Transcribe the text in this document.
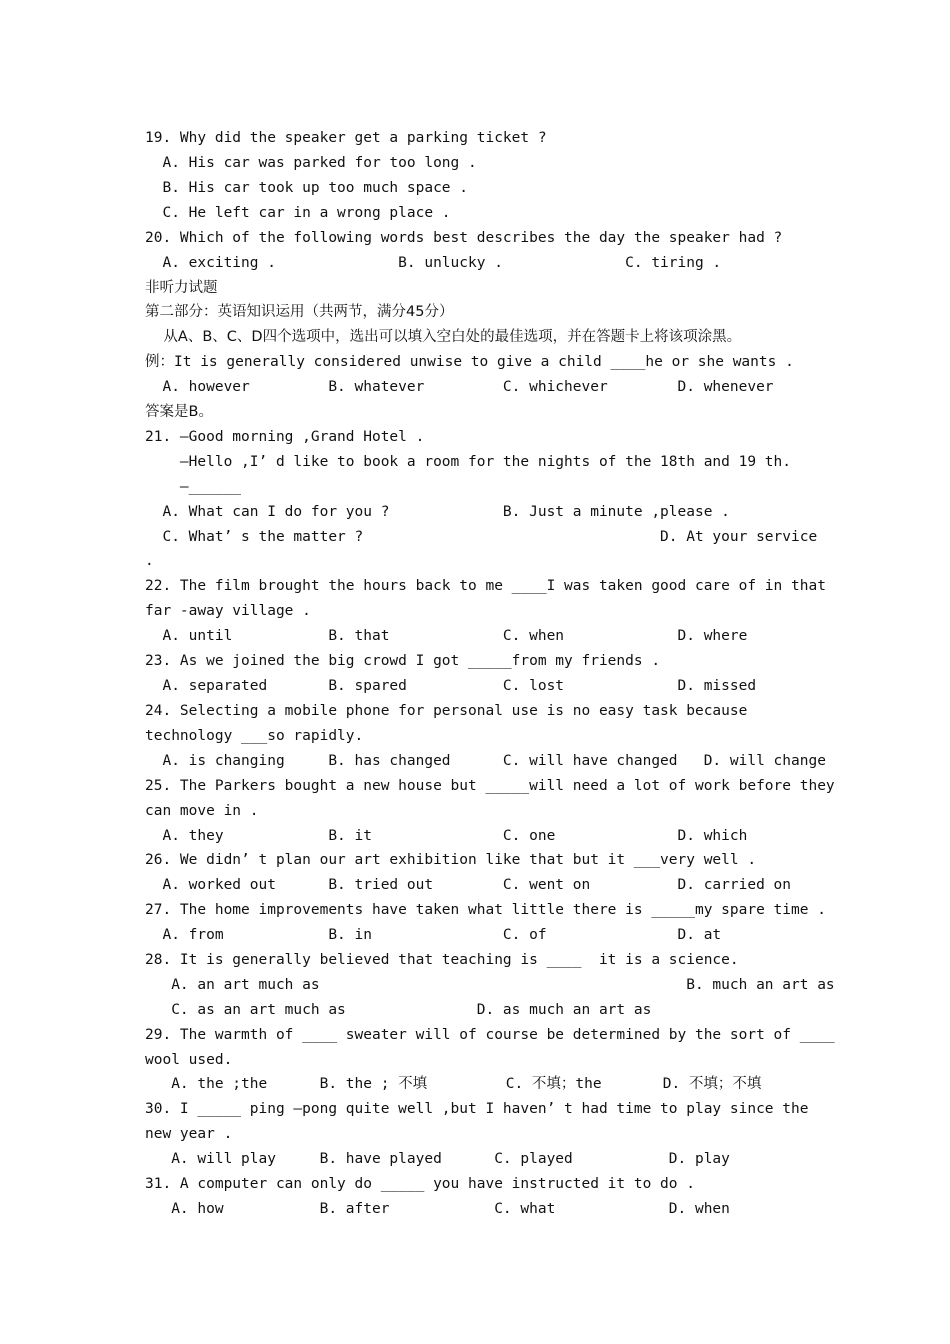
19. Why did the speaker get a parking ticket ?
A. His car was parked for too long .
B. His car took up too much space .
C. He left car in a wrong place .
20. Which of the following words best describes the day the speaker had ?
A. exciting .              B. unlucky .              C. tiring .
非听力试题
第二部分：英语知识运用（共两节，满分45分）
从A、B、C、D四个选项中，选出可以填入空白处的最佳选项，并在答题卡上将该项涂黑。
例：It is generally considered unwise to give a child ____he or she wants .
A. however         B. whatever         C. whichever        D. whenever
答案是B。
21. —Good morning ,Grand Hotel .
—Hello ,I’ d like to book a room for the nights of the 18th and 19 th.
—______
A. What can I do for you ?             B. Just a minute ,please .
C. What’ s the matter ?                                  D. At your service
.
22. The film brought the hours back to me ____I was taken good care of in that
far -away village .
A. until           B. that             C. when             D. where
23. As we joined the big crowd I got _____from my friends .
A. separated       B. spared           C. lost             D. missed
24. Selecting a mobile phone for personal use is no easy task because
technology ___so rapidly.
A. is changing     B. has changed      C. will have changed   D. will change
25. The Parkers bought a new house but _____will need a lot of work before they
can move in .
A. they            B. it               C. one              D. which
26. We didn’ t plan our art exhibition like that but it ___very well .
A. worked out      B. tried out        C. went on          D. carried on
27. The home improvements have taken what little there is _____my spare time .
A. from            B. in               C. of               D. at
28. It is generally believed that teaching is ____  it is a science.
A. an art much as                                          B. much an art as
C. as an art much as               D. as much an art as
29. The warmth of ____ sweater will of course be determined by the sort of ____
wool used.
A. the ;the      B. the ; 不填         C. 不填；the       D. 不填；不填
30. I _____ ping —pong quite well ,but I haven’ t had time to play since the
new year .
A. will play     B. have played      C. played           D. play
31. A computer can only do _____ you have instructed it to do .
A. how           B. after            C. what             D. when
